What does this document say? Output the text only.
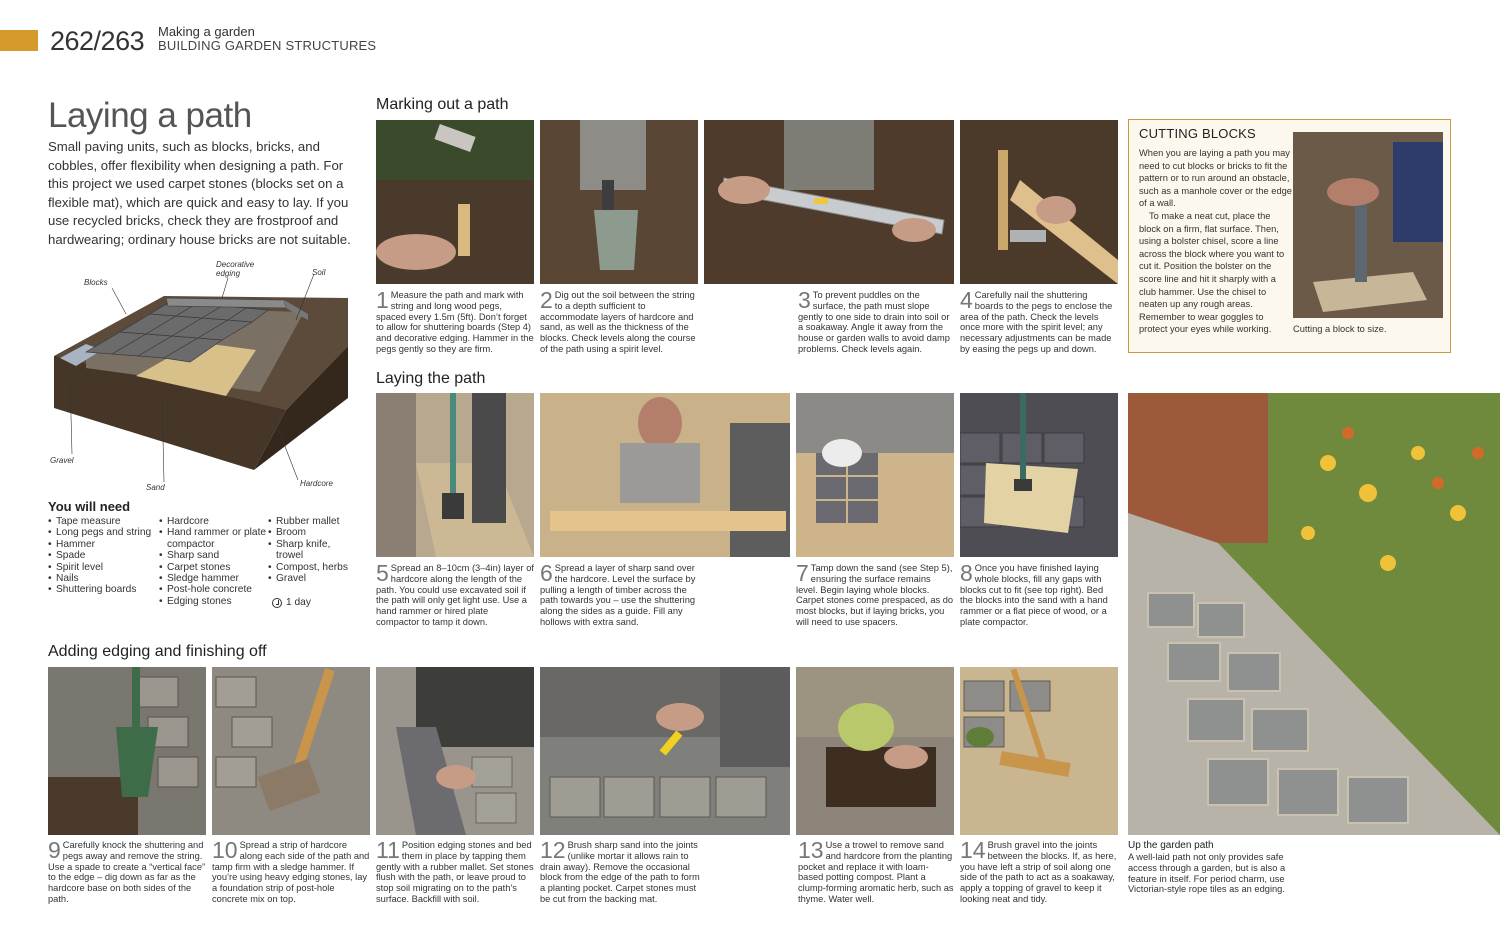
262/263 Making a garden
BUILDING GARDEN STRUCTURES
Laying a path

Small paving units, such as blocks, bricks, and cobbles, offer flexibility when designing a path. For this project we used carpet stones (blocks set on a flexible mat), which are quick and easy to lay. If you use recycled bricks, check they are frostproof and hardwearing; ordinary house bricks are not suitable.

Blocks
Decorative edging	Soil
Gravel
Sand	Hardcore
You will need
• Tape measure
• Long pegs and string
• Hammer
• Spade
• Spirit level
• Nails
• Shuttering boards
• Hardcore
• Hand rammer or plate compactor
• Sharp sand
• Carpet stones
• Sledge hammer
• Post-hole concrete
• Edging stones
• Rubber mallet
• Broom
• Sharp knife, trowel
• Compost, herbs
• Gravel
1 day
Marking out a path
Laying the path
Adding edging and finishing off
1 Measure the path and mark with string and long wood pegs, spaced every 1.5m (5ft). Don’t forget to allow for shuttering boards (Step 4) and decorative edging. Hammer in the pegs gently so they are firm.
2 Dig out the soil between the string to a depth sufficient to accommodate layers of hardcore and sand, as well as the thickness of the blocks. Check levels along the course of the path using a spirit level.
3 To prevent puddles on the surface, the path must slope gently to one side to drain into soil or a soakaway. Angle it away from the house or garden walls to avoid damp problems. Check levels again.
4 Carefully nail the shuttering boards to the pegs to enclose the area of the path. Check the levels once more with the spirit level; any necessary adjustments can be made by easing the pegs up and down.
CUTTING BLOCKS

When you are laying a path you may need to cut blocks or bricks to fit the pattern or to run around an obstacle, such as a manhole cover or the edge of a wall.

To make a neat cut, place the block on a firm, flat surface. Then, using a bolster chisel, score a line across the block where you want to cut it. Position the bolster on the score line and hit it sharply with a club hammer. Use the chisel to neaten up any rough areas. Remember to wear goggles to protect your eyes while working.	Cutting a block to size.
5 Spread an 8–10cm (3–4in) layer of hardcore along the length of the path. You could use excavated soil if the path will only get light use. Use a hand rammer or hired plate compactor to tamp it down.
6 Spread a layer of sharp sand over the hardcore. Level the surface by pulling a length of timber across the path towards you – use the shuttering along the sides as a guide. Fill any hollows with extra sand.
7 Tamp down the sand (see Step 5), ensuring the surface remains level. Begin laying whole blocks. Carpet stones come prespaced, as do most blocks, but if laying bricks, you will need to use spacers.
8 Once you have finished laying whole blocks, fill any gaps with blocks cut to fit (see top right). Bed the blocks into the sand with a hand rammer or a flat piece of wood, or a plate compactor.
Up the garden path
A well-laid path not only provides safe access through a garden, but is also a feature in itself. For period charm, use Victorian-style rope tiles as an edging.
9 Carefully knock the shuttering and pegs away and remove the string. Use a spade to create a “vertical face” to the edge – dig down as far as the hardcore base on both sides of the path.
10 Spread a strip of hardcore along each side of the path and tamp firm with a sledge hammer. If you’re using heavy edging stones, lay a foundation strip of post-hole concrete mix on top.
11 Position edging stones and bed them in place by tapping them gently with a rubber mallet. Set stones flush with the path, or leave proud to stop soil migrating on to the path’s surface. Backfill with soil.
12 Brush sharp sand into the joints (unlike mortar it allows rain to drain away). Remove the occasional block from the edge of the path to form a planting pocket. Carpet stones must be cut from the backing mat.
13 Use a trowel to remove sand and hardcore from the planting pocket and replace it with loam-based potting compost. Plant a clump-forming aromatic herb, such as thyme. Water well.
14 Brush gravel into the joints between the blocks. If, as here, you have left a strip of soil along one side of the path to act as a soakaway, apply a topping of gravel to keep it looking neat and tidy.
